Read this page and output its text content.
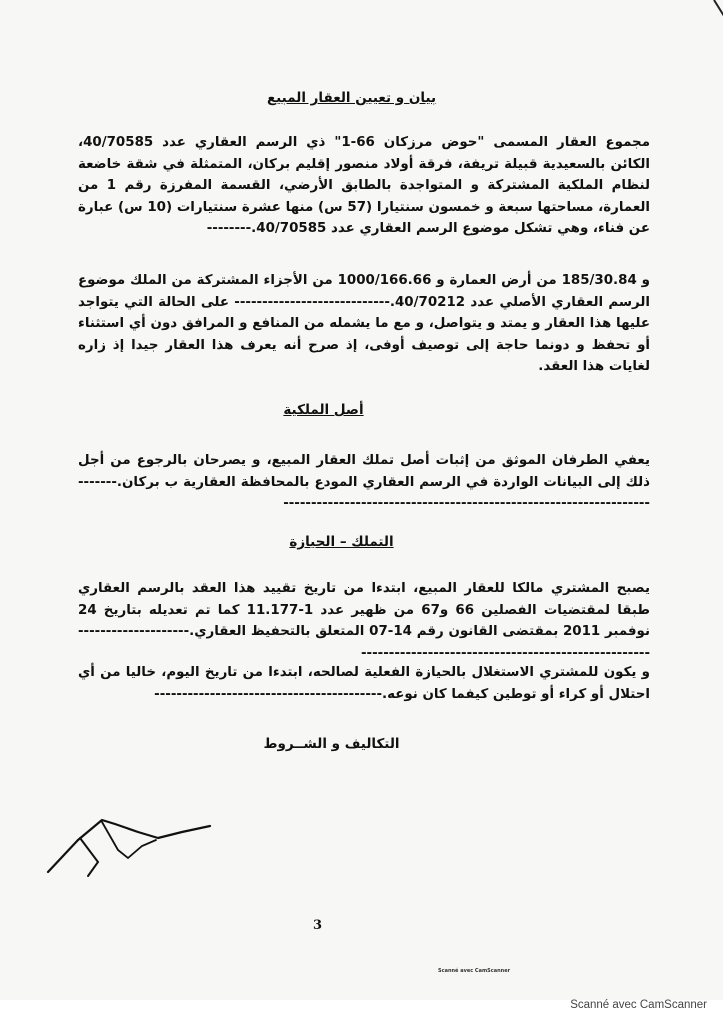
بيان و تعيين العقار المبيع

مجموع العقار المسمى "حوض مرزكان 66-1" ذي الرسم العقاري عدد 40/70585، الكائن بالسعيدية قبيلة تريفة، فرقة أولاد منصور إقليم بركان، المتمثلة في شقة خاضعة لنظام الملكية المشتركة و المتواجدة بالطابق الأرضي، القسمة المفرزة رقم 1 من العمارة، مساحتها سبعة و خمسون سنتيارا (57 س) منها عشرة سنتيارات (10 س) عبارة عن فناء، وهي تشكل موضوع الرسم العقاري عدد 40/70585.--------

و 185/30.84 من أرض العمارة و 1000/166.66 من الأجزاء المشتركة من الملك موضوع الرسم العقاري الأصلي عدد 40/70212.---------------------------- على الحالة التي يتواجد عليها هذا العقار و يمتد و يتواصل، و مع ما يشمله من المنافع و المرافق دون أي استثناء أو تحفظ و دونما حاجة إلى توصيف أوفى، إذ صرح أنه يعرف هذا العقار جيدا إذ زاره لغايات هذا العقد.

أصل الملكية

يعفي الطرفان الموثق من إثبات أصل تملك العقار المبيع، و يصرحان بالرجوع من أجل ذلك إلى البيانات الواردة في الرسم العقاري المودع بالمحافظة العقارية ب بركان.-------------------------------------------------------------------------

التملك – الحيازة

يصبح المشتري مالكا للعقار المبيع، ابتدءا من تاريخ تقييد هذا العقد بالرسم العقاري طبقا لمقتضيات الفصلين 66 و67 من ظهير عدد 1-11.177 كما تم تعديله بتاريخ 24 نوفمبر 2011 بمقتضى القانون رقم 14-07 المتعلق بالتحفيظ العقاري.------------------------------------------------------------------------

و يكون للمشتري الاستغلال بالحيازة الفعلية لصالحه، ابتدءا من تاريخ اليوم، خاليا من أي احتلال أو كراء أو توطين كيفما كان نوعه.-----------------------------------------

التكاليف و الشــروط
3
Scanné avec CamScanner
Scanné avec CamScanner
